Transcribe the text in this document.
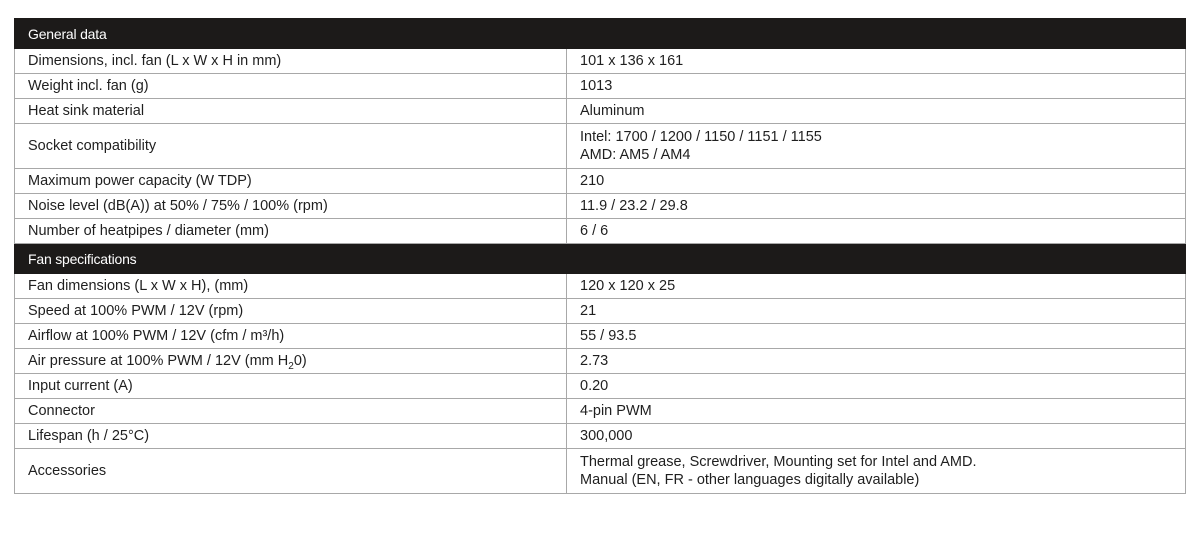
General data	
Dimensions, incl. fan (L x W x H in mm)	101 x 136 x 161

Weight incl. fan (g)	1013

Heat sink material	Aluminum

Socket compatibility	Intel: 1700 / 1200 / 1150 / 1151 / 1155
AMD: AM5 / AM4

Maximum power capacity (W TDP)	210

Noise level (dB(A)) at 50% / 75% / 100% (rpm)	11.9 / 23.2 / 29.8

Number of heatpipes / diameter (mm)	6 / 6

Fan specifications	
Fan dimensions (L x W x H), (mm)	120 x 120 x 25

Speed at 100% PWM / 12V (rpm)	21

Airflow at 100% PWM / 12V (cfm / m³/h)	55 / 93.5

Air pressure at 100% PWM / 12V (mm $H_20$)	2.73

Input current (A)	0.20

Connector	4-pin PWM

Lifespan (h / 25°C)	300,000

Accessories	Thermal grease, Screwdriver, Mounting set for Intel and AMD.
Manual (EN, FR - other languages digitally available)
